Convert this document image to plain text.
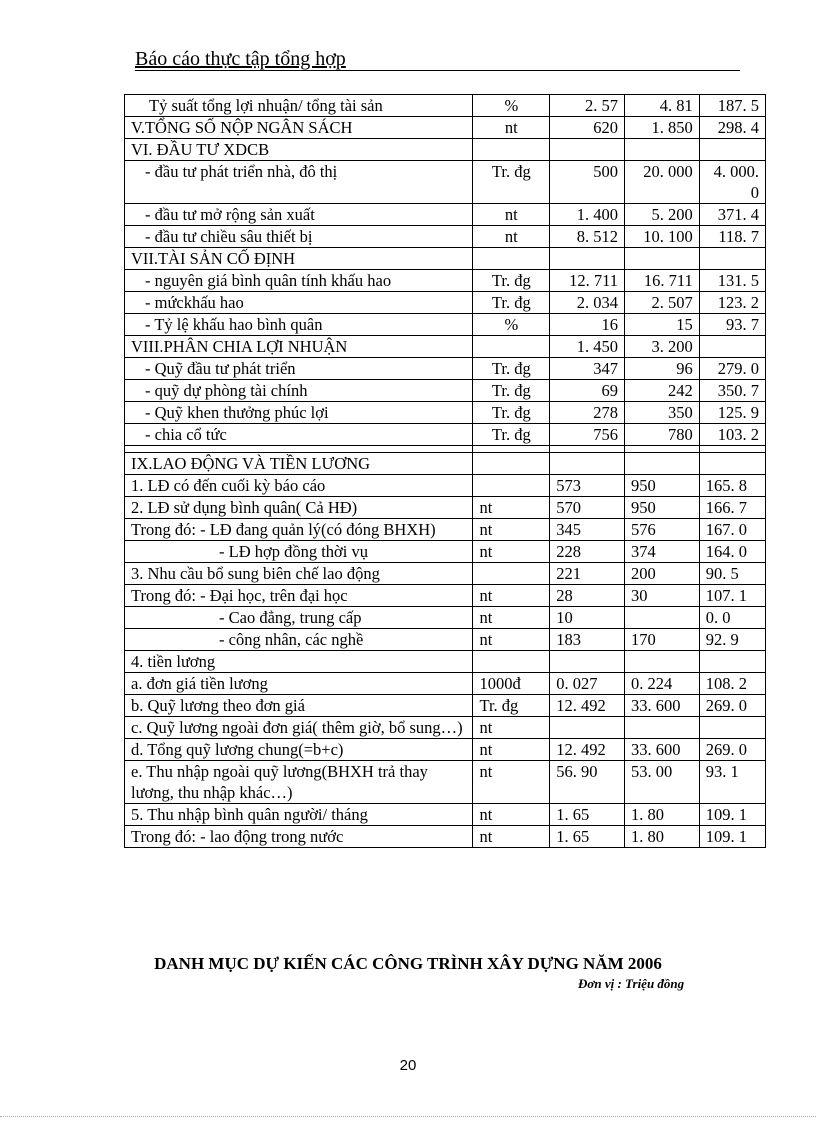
Báo cáo thực tập tổng hợp
Tỷ suất tổng lợi nhuận/ tổng tài sản	%	2. 57	4. 81	187. 5
V.TỔNG SỐ NỘP NGÂN SÁCH	nt	620	1. 850	298. 4
VI. ĐẦU TƯ XDCB				
- đầu tư phát triển nhà, đô thị	Tr. đg	500	20. 000	4. 000. 0
- đầu tư mở rộng sản xuất	nt	1. 400	5. 200	371. 4
- đầu tư chiều sâu thiết bị	nt	8. 512	10. 100	118. 7
VII.TÀI SẢN CỐ ĐỊNH				
- nguyên giá bình quân tính khấu hao	Tr. đg	12. 711	16. 711	131. 5
- mứckhấu hao	Tr. đg	2. 034	2. 507	123. 2
- Tỷ lệ khấu hao bình quân	%	16	15	93. 7
VIII.PHÂN CHIA LỢI NHUẬN		1. 450	3. 200	
- Quỹ đầu tư phát triển	Tr. đg	347	96	279. 0
- quỹ dự phòng tài chính	Tr. đg	69	242	350. 7
- Quỹ khen thưởng phúc lợi	Tr. đg	278	350	125. 9
- chia cổ tức	Tr. đg	756	780	103. 2

IX.LAO ĐỘNG VÀ TIỀN LƯƠNG				
1. LĐ có đến cuối kỳ báo cáo		573	950	165. 8
2. LĐ sử dụng bình quân( Cả HĐ)	nt	570	950	166. 7
Trong đó: - LĐ đang quản lý(có đóng BHXH)	nt	345	576	167. 0
- LĐ hợp đồng thời vụ	nt	228	374	164. 0
3. Nhu cầu bổ sung biên chế lao động		221	200	90. 5
Trong đó: - Đại học, trên đại học	nt	28	30	107. 1
- Cao đẳng, trung cấp	nt	10		0. 0
- công nhân, các nghề	nt	183	170	92. 9
4. tiền lương				
a. đơn giá tiền lương	1000đ	0. 027	0. 224	108. 2
b. Quỹ lương theo đơn giá	Tr. đg	12. 492	33. 600	269. 0
c. Quỹ lương ngoài đơn giá( thêm giờ, bổ sung…)	nt			
d. Tổng quỹ lương chung(=b+c)	nt	12. 492	33. 600	269. 0
e. Thu nhập ngoài quỹ lương(BHXH trả thay lương, thu nhập khác…)	nt	56. 90	53. 00	93. 1
5. Thu nhập bình quân người/ tháng	nt	1. 65	1. 80	109. 1
Trong đó: - lao động trong nước	nt	1. 65	1. 80	109. 1
DANH MỤC DỰ KIẾN CÁC CÔNG TRÌNH XÂY DỰNG NĂM 2006
Đơn vị : Triệu đồng
20
